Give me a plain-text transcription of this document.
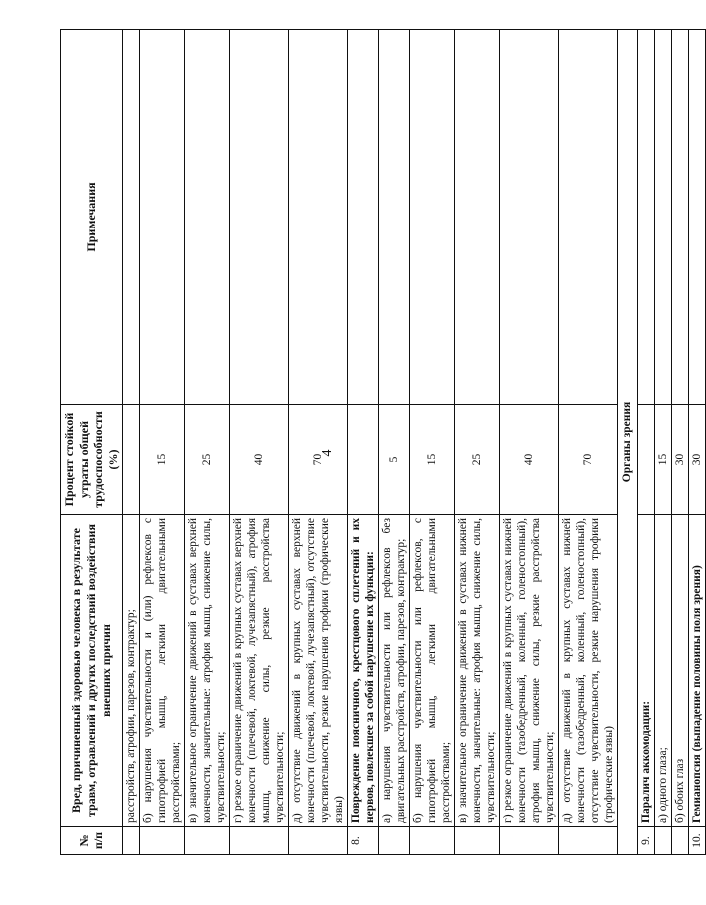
4
№ п/п	Вред, причиненный здоровью человека в результате травм, отравлений и других последствий воздействия внешних причин	Процент стойкой утраты общей трудоспособности (%)	Примечания
	расстройств, атрофии, парезов, контрактур;		
	б) нарушения чувствительности и (или) рефлексов с гипотрофией мышц, легкими двигательными расстройствами;	15	
	в) значительное ограничение движений в суставах верхней конечности, значительные: атрофия мышц, снижение силы, чувствительности;	25	
	г) резкое ограничение движений в крупных суставах верхней конечности (плечевой, локтевой, лучезапястный), атрофия мышц, снижение силы, резкие расстройства чувствительности;	40	
	д) отсутствие движений в крупных суставах верхней конечности (плечевой, локтевой, лучезапястный), отсутствие чувствительности, резкие нарушения трофики (трофические язвы)	70	
8.	Повреждение поясничного, крестцового сплетений и их нервов, повлекшее за собой нарушение их функции:		
	а) нарушения чувствительности или рефлексов без двигательных расстройств, атрофии, парезов, контрактур;	5	
	б) нарушения чувствительности или рефлексов, с гипотрофией мышц, легкими двигательными расстройствами;	15	
	в) значительное ограничение движений в суставах нижней конечности, значительные: атрофия мышц, снижение силы, чувствительности;	25	
	г) резкое ограничение движений в крупных суставах нижней конечности (тазобедренный, коленный, голеностопный), атрофия мышц, снижение силы, резкие расстройства чувствительности;	40	
	д) отсутствие движений в крупных суставах нижней конечности (тазобедренный, коленный, голеностопный), отсутствие чувствительности, резкие нарушения трофики (трофические язвы)	70	
Органы зрения			
9.	Паралич аккомодации:		
	а) одного глаза;	15	
	б) обоих глаз	30	
10.	Гемианопсия (выпадение половины поля зрения)	30	
